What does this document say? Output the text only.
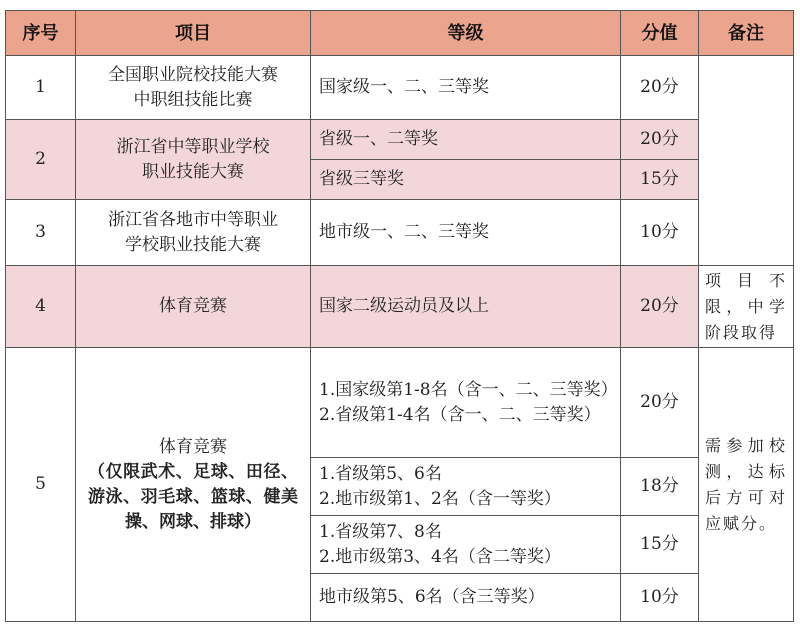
序号	项目	等级	分值	备注
1	全国职业院校技能大赛
中职组技能比赛	国家级一、二、三等奖	20分	
2	浙江省中等职业学校
职业技能大赛	省级一、二等奖	20分	
		省级三等奖	15分	
3	浙江省各地市中等职业
学校职业技能大赛	地市级一、二、三等奖	10分	
4	体育竞赛	国家二级运动员及以上	20分	项目不限，中学阶段取得
5	体育竞赛
（仅限武术、足球、田径、游泳、羽毛球、篮球、健美操、网球、排球）	1.国家级第1-8名（含一、二、三等奖）
2.省级第1-4名（含一、二、三等奖）	20分	需参加校测，达标后方可对应赋分。

		1.省级第5、6名
2.地市级第1、2名（含一等奖）	18分	

		1.省级第7、8名
2.地市级第3、4名（含二等奖）	15分	
		地市级第5、6名（含三等奖）	10分	
